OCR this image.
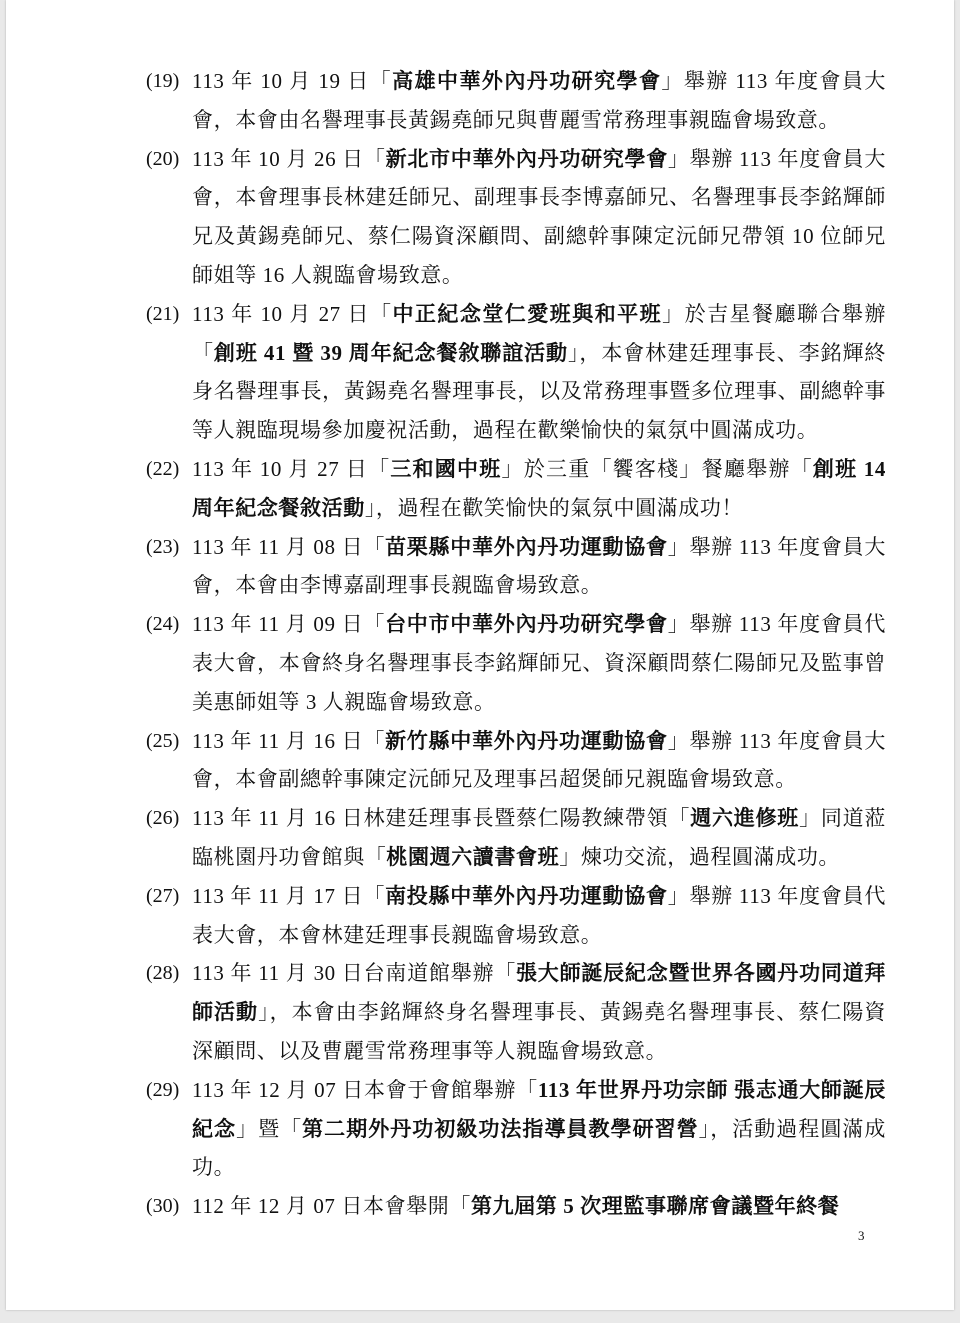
(19) 113 年 10 月 19 日「高雄中華外內丹功研究學會」舉辦 113 年度會員大會，本會由名譽理事長黃錫堯師兄與曹麗雪常務理事親臨會場致意。
(20) 113 年 10 月 26 日「新北市中華外內丹功研究學會」舉辦 113 年度會員大會，本會理事長林建廷師兄、副理事長李博嘉師兄、名譽理事長李銘輝師兄及黃錫堯師兄、蔡仁陽資深顧問、副總幹事陳定沅師兄帶領 10 位師兄師姐等 16 人親臨會場致意。
(21) 113 年 10 月 27 日「中正紀念堂仁愛班與和平班」於吉星餐廳聯合舉辦「創班 41 暨 39 周年紀念餐敘聯誼活動」，本會林建廷理事長、李銘輝終身名譽理事長，黃錫堯名譽理事長，以及常務理事暨多位理事、副總幹事等人親臨現場參加慶祝活動，過程在歡樂愉快的氣氛中圓滿成功。
(22) 113 年 10 月 27 日「三和國中班」於三重「饗客棧」餐廳舉辦「創班 14 周年紀念餐敘活動」，過程在歡笑愉快的氣氛中圓滿成功！
(23) 113 年 11 月 08 日「苗栗縣中華外內丹功運動協會」舉辦 113 年度會員大會，本會由李博嘉副理事長親臨會場致意。
(24) 113 年 11 月 09 日「台中市中華外內丹功研究學會」舉辦 113 年度會員代表大會，本會終身名譽理事長李銘輝師兄、資深顧問蔡仁陽師兄及監事曾美惠師姐等 3 人親臨會場致意。
(25) 113 年 11 月 16 日「新竹縣中華外內丹功運動協會」舉辦 113 年度會員大會，本會副總幹事陳定沅師兄及理事呂超煲師兄親臨會場致意。
(26) 113 年 11 月 16 日林建廷理事長暨蔡仁陽教練帶領「週六進修班」同道蒞臨桃園丹功會館與「桃園週六讀書會班」煉功交流，過程圓滿成功。
(27) 113 年 11 月 17 日「南投縣中華外內丹功運動協會」舉辦 113 年度會員代表大會，本會林建廷理事長親臨會場致意。
(28) 113 年 11 月 30 日台南道館舉辦「張大師誕辰紀念暨世界各國丹功同道拜師活動」，本會由李銘輝終身名譽理事長、黃錫堯名譽理事長、蔡仁陽資深顧問、以及曹麗雪常務理事等人親臨會場致意。
(29) 113 年 12 月 07 日本會于會館舉辦「113 年世界丹功宗師 張志通大師誕辰紀念」暨「第二期外丹功初級功法指導員教學研習營」，活動過程圓滿成功。
(30) 112 年 12 月 07 日本會舉開「第九屆第 5 次理監事聯席會議暨年終餐
3
